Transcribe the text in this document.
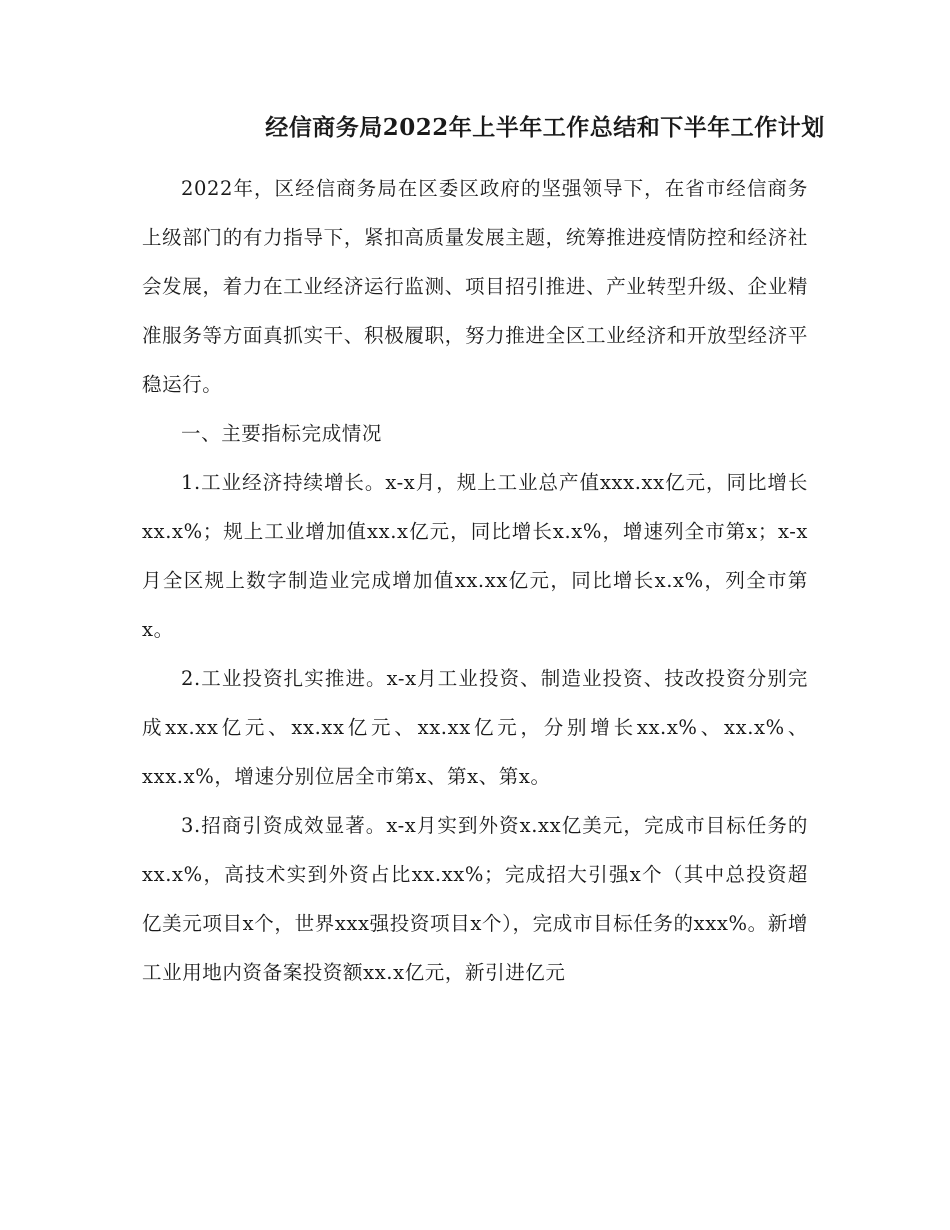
经信商务局2022年上半年工作总结和下半年工作计划

2022年，区经信商务局在区委区政府的坚强领导下，在省市经信商务上级部门的有力指导下，紧扣高质量发展主题，统筹推进疫情防控和经济社会发展，着力在工业经济运行监测、项目招引推进、产业转型升级、企业精准服务等方面真抓实干、积极履职，努力推进全区工业经济和开放型经济平稳运行。

一、主要指标完成情况

1.工业经济持续增长。x-x月，规上工业总产值xxx.xx亿元，同比增长xx.x%；规上工业增加值xx.x亿元，同比增长x.x%，增速列全市第x；x-x月全区规上数字制造业完成增加值xx.xx亿元，同比增长x.x%，列全市第x。

2.工业投资扎实推进。x-x月工业投资、制造业投资、技改投资分别完成xx.xx亿元、xx.xx亿元、xx.xx亿元，分别增长xx.x%、xx.x%、xxx.x%，增速分别位居全市第x、第x、第x。

3.招商引资成效显著。x-x月实到外资x.xx亿美元，完成市目标任务的xx.x%，高技术实到外资占比xx.xx%；完成招大引强x个（其中总投资超亿美元项目x个，世界xxx强投资项目x个），完成市目标任务的xxx%。新增工业用地内资备案投资额xx.x亿元，新引进亿元
